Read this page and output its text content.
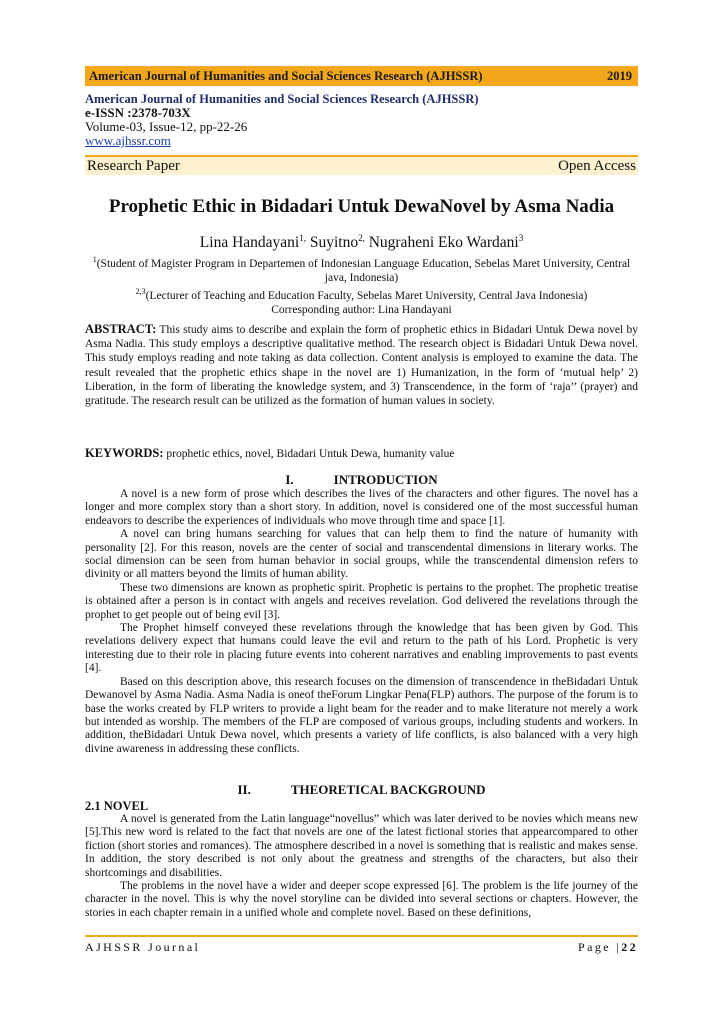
American Journal of Humanities and Social Sciences Research (AJHSSR)	2019
American Journal of Humanities and Social Sciences Research (AJHSSR)
e-ISSN :2378-703X
Volume-03, Issue-12, pp-22-26
www.ajhssr.com
Research Paper	Open Access
Prophetic Ethic in Bidadari Untuk DewaNovel by Asma Nadia
Lina Handayani$^{1,}$ Suyitno$^{2,}$ Nugraheni Eko Wardani$^3$
$^1$(Student of Magister Program in Departemen of Indonesian Language Education, Sebelas Maret University, Central java, Indonesia)
$^{2,3}$(Lecturer of Teaching and Education Faculty, Sebelas Maret University, Central Java Indonesia)
Corresponding author: Lina Handayani
ABSTRACT: This study aims to describe and explain the form of prophetic ethics in Bidadari Untuk Dewa novel by Asma Nadia. This study employs a descriptive qualitative method. The research object is Bidadari Untuk Dewa novel. This study employs reading and note taking as data collection. Content analysis is employed to examine the data. The result revealed that the prophetic ethics shape in the novel are 1) Humanization, in the form of ‘mutual help’ 2) Liberation, in the form of liberating the knowledge system, and 3) Transcendence, in the form of ‘raja’’ (prayer) and gratitude. The research result can be utilized as the formation of human values in society.
KEYWORDS: prophetic ethics, novel, Bidadari Untuk Dewa, humanity value
I.	INTRODUCTION

A novel is a new form of prose which describes the lives of the characters and other figures. The novel has a longer and more complex story than a short story. In addition, novel is considered one of the most successful human endeavors to describe the experiences of individuals who move through time and space [1].

A novel can bring humans searching for values that can help them to find the nature of humanity with personality [2]. For this reason, novels are the center of social and transcendental dimensions in literary works. The social dimension can be seen from human behavior in social groups, while the transcendental dimension refers to divinity or all matters beyond the limits of human ability.

These two dimensions are known as prophetic spirit. Prophetic is pertains to the prophet. The prophetic treatise is obtained after a person is in contact with angels and receives revelation. God delivered the revelations through the prophet to get people out of being evil [3].

The Prophet himself conveyed these revelations through the knowledge that has been given by God. This revelations delivery expect that humans could leave the evil and return to the path of his Lord. Prophetic is very interesting due to their role in placing future events into coherent narratives and enabling improvements to past events [4].

Based on this description above, this research focuses on the dimension of transcendence in theBidadari Untuk Dewanovel by Asma Nadia. Asma Nadia is oneof theForum Lingkar Pena(FLP) authors. The purpose of the forum is to base the works created by FLP writers to provide a light beam for the reader and to make literature not merely a work but intended as worship. The members of the FLP are composed of various groups, including students and workers. In addition, theBidadari Untuk Dewa novel, which presents a variety of life conflicts, is also balanced with a very high divine awareness in addressing these conflicts.

II.	THEORETICAL BACKGROUND
2.1 NOVEL

A novel is generated from the Latin language“novellus” which was later derived to be novies which means new [5].This new word is related to the fact that novels are one of the latest fictional stories that appearcompared to other fiction (short stories and romances). The atmosphere described in a novel is something that is realistic and makes sense. In addition, the story described is not only about the greatness and strengths of the characters, but also their shortcomings and disabilities.

The problems in the novel have a wider and deeper scope expressed [6]. The problem is the life journey of the character in the novel. This is why the novel storyline can be divided into several sections or chapters. However, the stories in each chapter remain in a unified whole and complete novel. Based on these definitions,

AJHSSR Journal	Page |22
